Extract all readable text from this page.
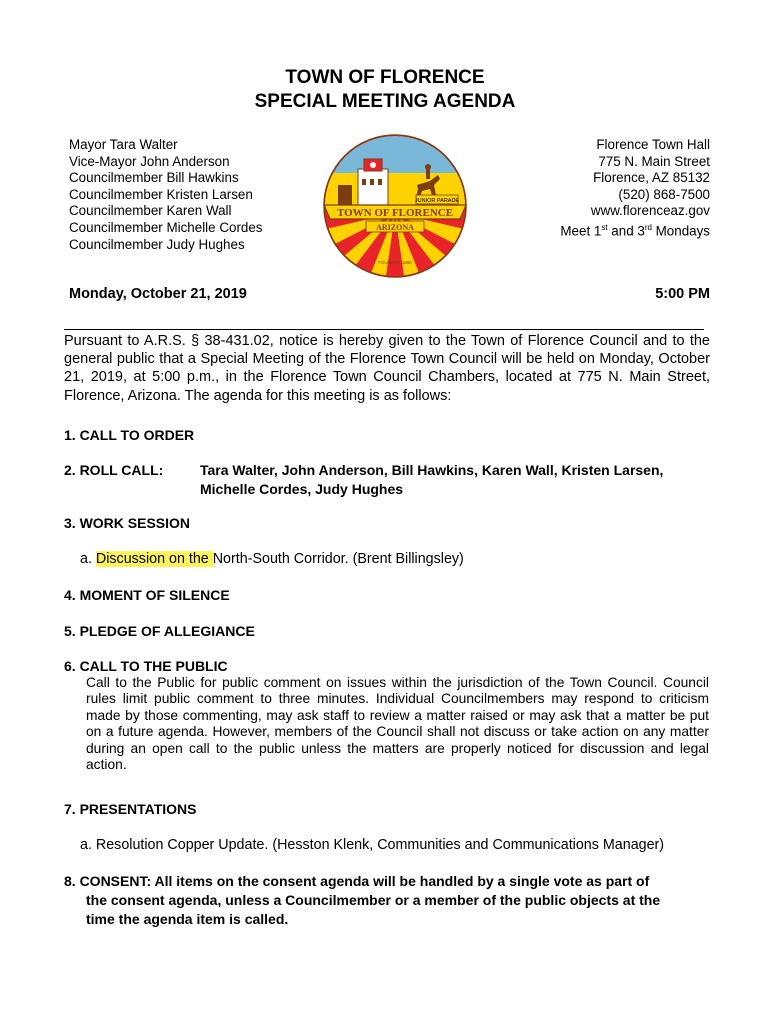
TOWN OF FLORENCE
SPECIAL MEETING AGENDA
Mayor Tara Walter
Vice-Mayor John Anderson
Councilmember Bill Hawkins
Councilmember Kristen Larsen
Councilmember Karen Wall
Councilmember Michelle Cordes
Councilmember Judy Hughes
JUNIOR PARADE
TOWN OF FLORENCE
ARIZONA
FOUNDED 1866
Florence Town Hall
775 N. Main Street
Florence, AZ 85132
(520) 868-7500
www.florenceaz.gov
Meet 1st and 3rd Mondays
Monday, October 21, 2019	5:00 PM
Pursuant to A.R.S. § 38-431.02, notice is hereby given to the Town of Florence Council and to the general public that a Special Meeting of the Florence Town Council will be held on Monday, October 21, 2019, at 5:00 p.m., in the Florence Town Council Chambers, located at 775 N. Main Street, Florence, Arizona. The agenda for this meeting is as follows:
1. CALL TO ORDER
2. ROLL CALL:	Tara Walter, John Anderson, Bill Hawkins, Karen Wall, Kristen Larsen,
Michelle Cordes, Judy Hughes
3. WORK SESSION
a. Discussion on the North-South Corridor. (Brent Billingsley)
4. MOMENT OF SILENCE
5. PLEDGE OF ALLEGIANCE
6. CALL TO THE PUBLIC
Call to the Public for public comment on issues within the jurisdiction of the Town Council. Council rules limit public comment to three minutes. Individual Councilmembers may respond to criticism made by those commenting, may ask staff to review a matter raised or may ask that a matter be put on a future agenda. However, members of the Council shall not discuss or take action on any matter during an open call to the public unless the matters are properly noticed for discussion and legal action.
7. PRESENTATIONS
a. Resolution Copper Update. (Hesston Klenk, Communities and Communications Manager)
8. CONSENT: All items on the consent agenda will be handled by a single vote as part of
the consent agenda, unless a Councilmember or a member of the public objects at the
time the agenda item is called.
